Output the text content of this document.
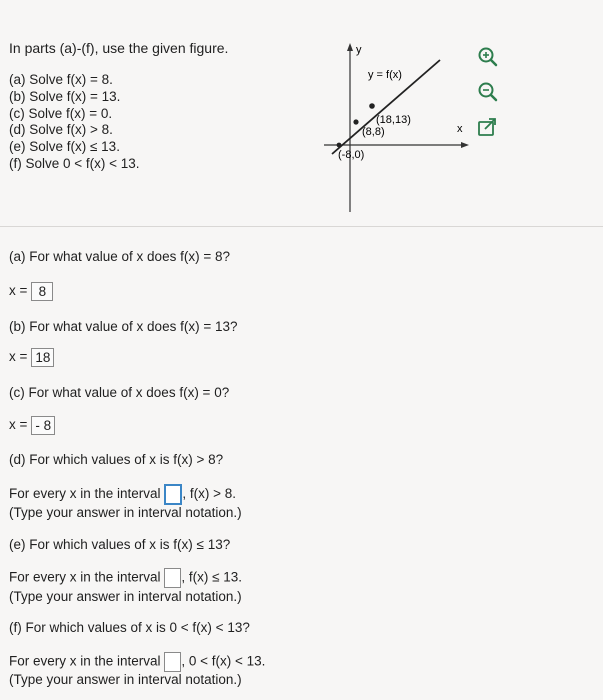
In parts (a)-(f), use the given figure.
(a) Solve f(x) = 8.
(b) Solve f(x) = 13.
(c) Solve f(x) = 0.
(d) Solve f(x) > 8.
(e) Solve f(x) ≤ 13.
(f) Solve 0 < f(x) < 13.
y
x
y = f(x)
(18,13)
(8,8)
(-8,0)
(a) For what value of x does f(x) = 8?
x = 8
(b) For what value of x does f(x) = 13?
x = 18
(c) For what value of x does f(x) = 0?
x = - 8
(d) For which values of x is f(x) > 8?
For every x in the interval , f(x) > 8.
(Type your answer in interval notation.)
(e) For which values of x is f(x) ≤ 13?
For every x in the interval , f(x) ≤ 13.
(Type your answer in interval notation.)
(f) For which values of x is 0 < f(x) < 13?
For every x in the interval , 0 < f(x) < 13.
(Type your answer in interval notation.)
